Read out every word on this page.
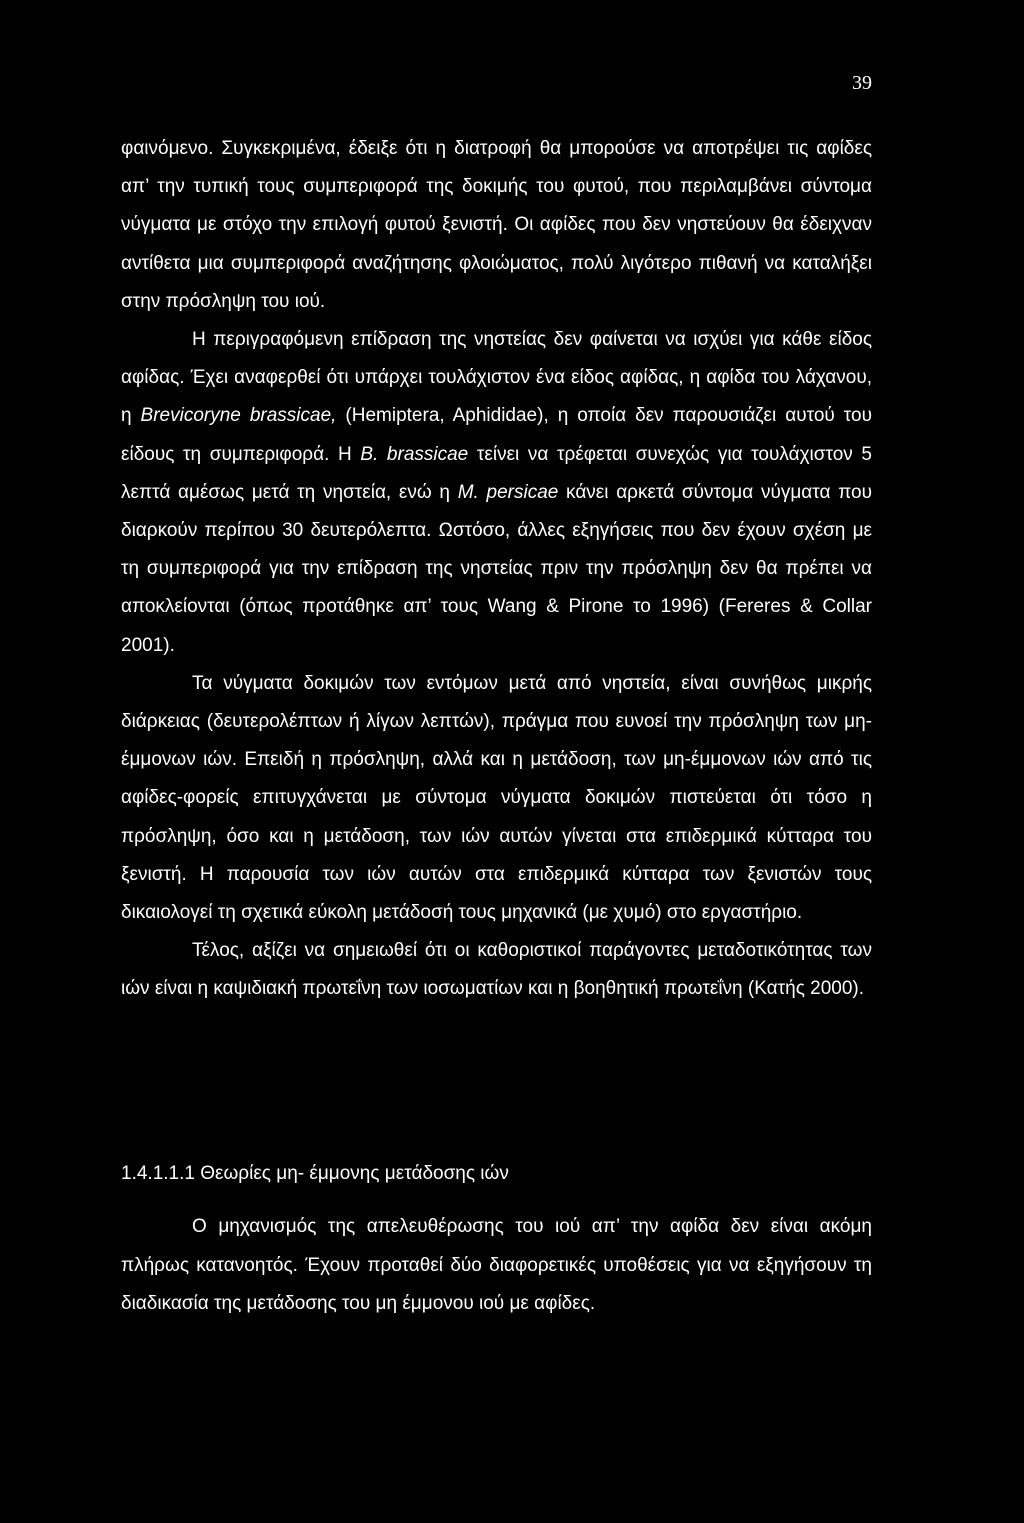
39

φαινόμενο. Συγκεκριμένα, έδειξε ότι η διατροφή θα μπορούσε να αποτρέψει τις αφίδες απ’ την τυπική τους συμπεριφορά της δοκιμής του φυτού, που περιλαμβάνει σύντομα νύγματα με στόχο την επιλογή φυτού ξενιστή. Οι αφίδες που δεν νηστεύουν θα έδειχναν αντίθετα μια συμπεριφορά αναζήτησης φλοιώματος, πολύ λιγότερο πιθανή να καταλήξει στην πρόσληψη του ιού.

Η περιγραφόμενη επίδραση της νηστείας δεν φαίνεται να ισχύει για κάθε είδος αφίδας. Έχει αναφερθεί ότι υπάρχει τουλάχιστον ένα είδος αφίδας, η αφίδα του λάχανου, η Brevicoryne brassicae, (Hemiptera, Aphididae), η οποία δεν παρουσιάζει αυτού του είδους τη συμπεριφορά. Η B. brassicae τείνει να τρέφεται συνεχώς για τουλάχιστον 5 λεπτά αμέσως μετά τη νηστεία, ενώ η M. persicae κάνει αρκετά σύντομα νύγματα που διαρκούν περίπου 30 δευτερόλεπτα. Ωστόσο, άλλες εξηγήσεις που δεν έχουν σχέση με τη συμπεριφορά για την επίδραση της νηστείας πριν την πρόσληψη δεν θα πρέπει να αποκλείονται (όπως προτάθηκε απ’ τους Wang & Pirone το 1996) (Fereres & Collar 2001).

Τα νύγματα δοκιμών των εντόμων μετά από νηστεία, είναι συνήθως μικρής διάρκειας (δευτερολέπτων ή λίγων λεπτών), πράγμα που ευνοεί την πρόσληψη των μη- έμμονων ιών. Επειδή η πρόσληψη, αλλά και η μετάδοση, των μη-έμμονων ιών από τις αφίδες-φορείς επιτυγχάνεται με σύντομα νύγματα δοκιμών πιστεύεται ότι τόσο η πρόσληψη, όσο και η μετάδοση, των ιών αυτών γίνεται στα επιδερμικά κύτταρα του ξενιστή. Η παρουσία των ιών αυτών στα επιδερμικά κύτταρα των ξενιστών τους δικαιολογεί τη σχετικά εύκολη μετάδοσή τους μηχανικά (με χυμό) στο εργαστήριο.

Τέλος, αξίζει να σημειωθεί ότι οι καθοριστικοί παράγοντες μεταδοτικότητας των ιών είναι η καψιδιακή πρωτεΐνη των ιοσωματίων και η βοηθητική πρωτεΐνη (Κατής 2000).

1.4.1.1.1 Θεωρίες μη- έμμονης μετάδοσης ιών

Ο μηχανισμός της απελευθέρωσης του ιού απ’ την αφίδα δεν είναι ακόμη πλήρως κατανοητός. Έχουν προταθεί δύο διαφορετικές υποθέσεις για να εξηγήσουν τη διαδικασία της μετάδοσης του μη έμμονου ιού με αφίδες.
